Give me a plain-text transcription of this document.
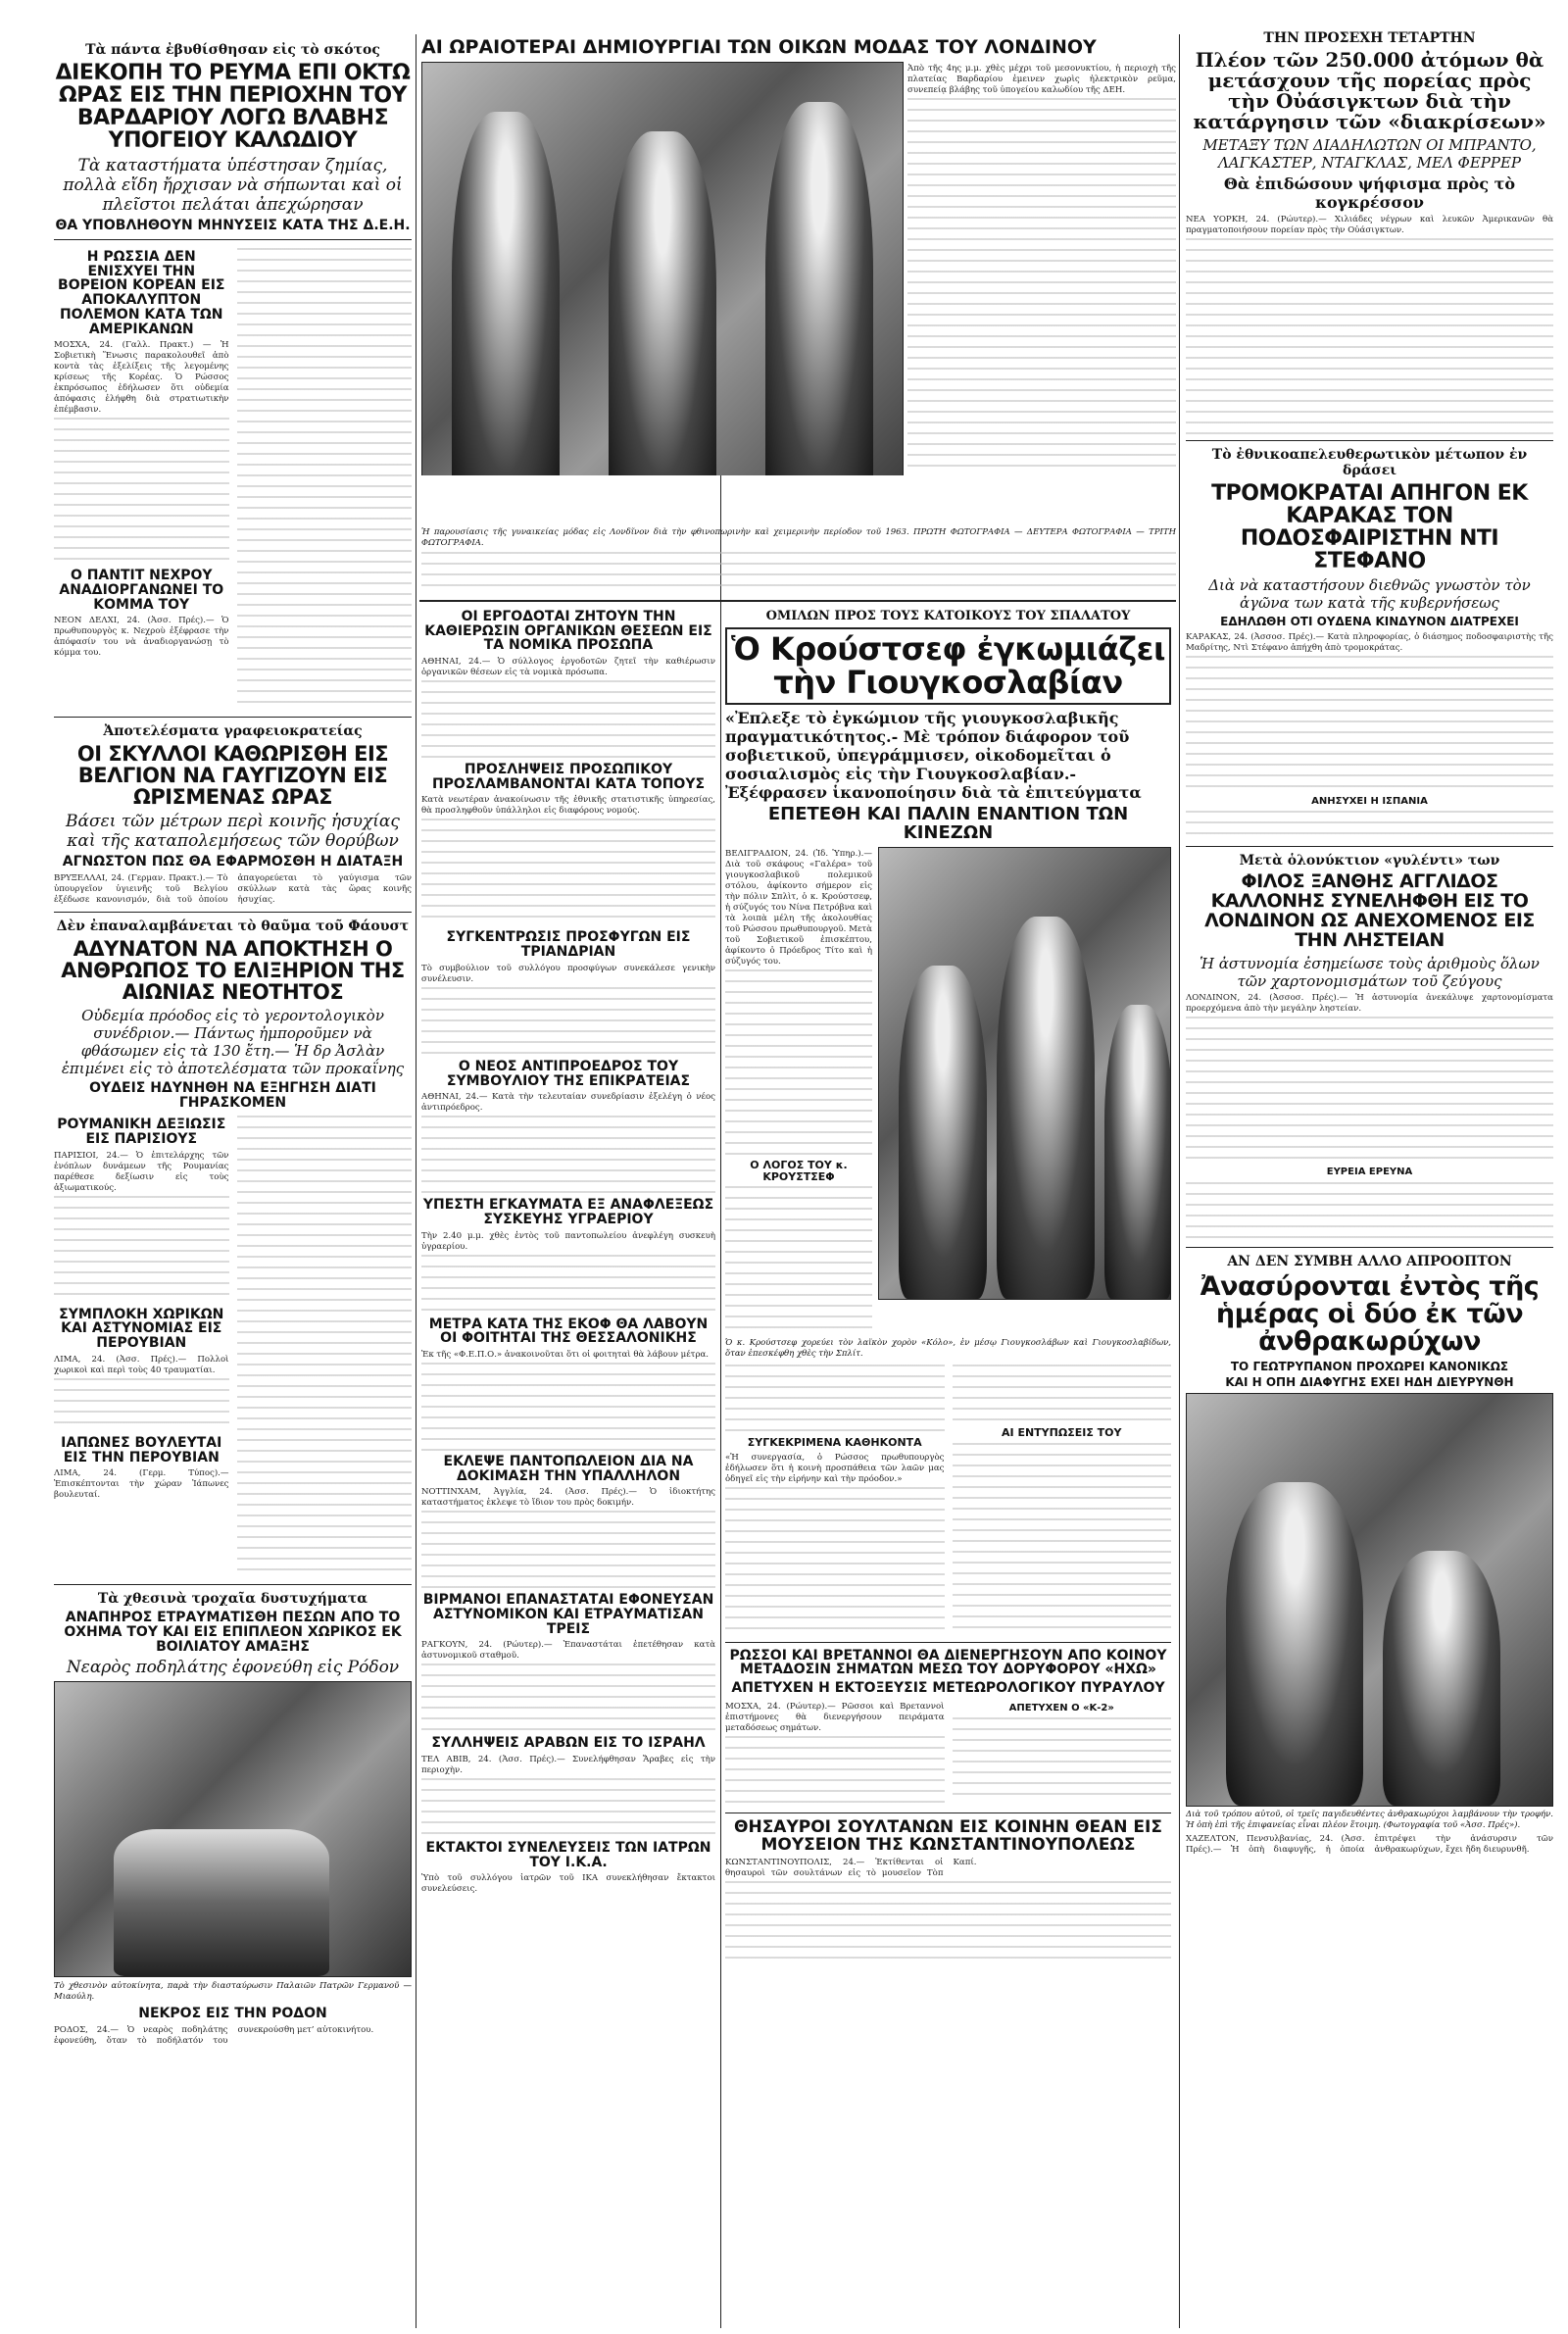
Τὰ πάντα ἐβυθίσθησαν εἰς τὸ σκότος
ΔΙΕΚΟΠΗ ΤΟ ΡΕΥΜΑ ΕΠΙ ΟΚΤΩ ΩΡΑΣ ΕΙΣ ΤΗΝ ΠΕΡΙΟΧΗΝ ΤΟΥ ΒΑΡΔΑΡΙΟΥ ΛΟΓΩ ΒΛΑΒΗΣ ΥΠΟΓΕΙΟΥ ΚΑΛΩΔΙΟΥ
Τὰ καταστήματα ὑπέστησαν ζημίας, πολλὰ εἴδη ἤρχισαν νὰ σήπωνται καὶ οἱ πλεῖστοι πελάται ἀπεχώρησαν
ΘΑ ΥΠΟΒΛΗΘΟΥΝ ΜΗΝΥΣΕΙΣ ΚΑΤΑ ΤΗΣ Δ.Ε.Η.
Η ΡΩΣΣΙΑ ΔΕΝ ΕΝΙΣΧΥΕΙ ΤΗΝ ΒΟΡΕΙΟΝ ΚΟΡΕΑΝ ΕΙΣ ΑΠΟΚΑΛΥΠΤΟΝ ΠΟΛΕΜΟΝ ΚΑΤΑ ΤΩΝ ΑΜΕΡΙΚΑΝΩΝ
ΜΟΣΧΑ, 24. (Γαλλ. Πρακτ.) — Ἡ Σοβιετικὴ Ἕνωσις παρακολουθεῖ ἀπὸ κοντὰ τὰς ἐξελίξεις τῆς λεγομένης κρίσεως τῆς Κορέας. Ὁ Ρώσσος ἐκπρόσωπος ἐδήλωσεν ὅτι οὐδεμία ἀπόφασις ἐλήφθη διὰ στρατιωτικὴν ἐπέμβασιν.
Ο ΠΑΝΤΙΤ ΝΕΧΡΟΥ ΑΝΑΔΙΟΡΓΑΝΩΝΕΙ ΤΟ ΚΟΜΜΑ ΤΟΥ
ΝΕΟΝ ΔΕΛΧΙ, 24. (Ἀσσ. Πρές).— Ὁ πρωθυπουργὸς κ. Νεχροὺ ἐξέφρασε τὴν ἀπόφασίν του νὰ ἀναδιοργανώσῃ τὸ κόμμα του.
Ἀποτελέσματα γραφειοκρατείας
ΟΙ ΣΚΥΛΛΟΙ ΚΑΘΩΡΙΣΘΗ ΕΙΣ ΒΕΛΓΙΟΝ ΝΑ ΓΑΥΓΙΖΟΥΝ ΕΙΣ ΩΡΙΣΜΕΝΑΣ ΩΡΑΣ
Βάσει τῶν μέτρων περὶ κοινῆς ἡσυχίας καὶ τῆς καταπολεμήσεως τῶν θορύβων
ΑΓΝΩΣΤΟΝ ΠΩΣ ΘΑ ΕΦΑΡΜΟΣΘΗ Η ΔΙΑΤΑΞΗ
ΒΡΥΞΕΛΛΑΙ, 24. (Γερμαν. Πρακτ.).— Τὸ ὑπουργεῖον ὑγιεινῆς τοῦ Βελγίου ἐξέδωσε κανονισμόν, διὰ τοῦ ὁποίου ἀπαγορεύεται τὸ γαύγισμα τῶν σκύλλων κατὰ τὰς ὥρας κοινῆς ἡσυχίας.
Δὲν ἐπαναλαμβάνεται τὸ θαῦμα τοῦ Φάουστ
ΑΔΥΝΑΤΟΝ ΝΑ ΑΠΟΚΤΗΣΗ Ο ΑΝΘΡΩΠΟΣ ΤΟ ΕΛΙΞΗΡΙΟΝ ΤΗΣ ΑΙΩΝΙΑΣ ΝΕΟΤΗΤΟΣ
Οὐδεμία πρόοδος εἰς τὸ γεροντολογικὸν συνέδριον.— Πάντως ἠμποροῦμεν νὰ φθάσωμεν εἰς τὰ 130 ἔτη.— Ἡ δρ Ἀσλὰν ἐπιμένει εἰς τὸ ἀποτελέσματα τῶν προκαΐνης
ΟΥΔΕΙΣ ΗΔΥΝΗΘΗ ΝΑ ΕΞΗΓΗΣΗ ΔΙΑΤΙ ΓΗΡΑΣΚΟΜΕΝ
ΡΟΥΜΑΝΙΚΗ ΔΕΞΙΩΣΙΣ ΕΙΣ ΠΑΡΙΣΙΟΥΣ
ΠΑΡΙΣΙΟΙ, 24.— Ὁ ἐπιτελάρχης τῶν ἐνόπλων δυνάμεων τῆς Ρουμανίας παρέθεσε δεξίωσιν εἰς τοὺς ἀξιωματικούς.
ΣΥΜΠΛΟΚΗ ΧΩΡΙΚΩΝ ΚΑΙ ΑΣΤΥΝΟΜΙΑΣ ΕΙΣ ΠΕΡΟΥΒΙΑΝ
ΛΙΜΑ, 24. (Ἀσσ. Πρές).— Πολλοὶ χωρικοὶ καὶ περὶ τοὺς 40 τραυματίαι.
ΙΑΠΩΝΕΣ ΒΟΥΛΕΥΤΑΙ ΕΙΣ ΤΗΝ ΠΕΡΟΥΒΙΑΝ
ΛΙΜΑ, 24. (Γερμ. Τύπος).— Ἐπισκέπτονται τὴν χώραν Ἰάπωνες βουλευταί.
Τὰ χθεσινὰ τροχαῖα δυστυχήματα
ΑΝΑΠΗΡΟΣ ΕΤΡΑΥΜΑΤΙΣΘΗ ΠΕΣΩΝ ΑΠΟ ΤΟ ΟΧΗΜΑ ΤΟΥ ΚΑΙ ΕΙΣ ΕΠΙΠΛΕΟΝ ΧΩΡΙΚΟΣ ΕΚ ΒΟΙΛΙΑΤΟΥ ΑΜΑΞΗΣ
Νεαρὸς ποδηλάτης ἐφονεύθη εἰς Ρόδον
Τὸ χθεσινὸν αὐτοκίνητα, παρὰ τὴν διασταύρωσιν Παλαιῶν Πατρῶν Γερμανοῦ — Μιαούλη.
ΝΕΚΡΟΣ ΕΙΣ ΤΗΝ ΡΟΔΟΝ
ΡΟΔΟΣ, 24.— Ὁ νεαρὸς ποδηλάτης ἐφονεύθη, ὅταν τὸ ποδήλατόν του συνεκρούσθη μετ’ αὐτοκινήτου.
ΑΙ ΩΡΑΙΟΤΕΡΑΙ ΔΗΜΙΟΥΡΓΙΑΙ ΤΩΝ ΟΙΚΩΝ ΜΟΔΑΣ ΤΟΥ ΛΟΝΔΙΝΟΥ
Ἀπὸ τῆς 4ης μ.μ. χθὲς μέχρι τοῦ μεσονυκτίου, ἡ περιοχὴ τῆς πλατείας Βαρδαρίου ἐμεινεν χωρὶς ἠλεκτρικὸν ρεῦμα, συνεπείᾳ βλάβης τοῦ ὑπογείου καλωδίου τῆς ΔΕΗ.
Ἡ παρουσίασις τῆς γυναικείας μόδας εἰς Λονδῖνον διὰ τὴν φθινοπωρινὴν καὶ χειμερινὴν περίοδον τοῦ 1963. ΠΡΩΤΗ ΦΩΤΟΓΡΑΦΙΑ — ΔΕΥΤΕΡΑ ΦΩΤΟΓΡΑΦΙΑ — ΤΡΙΤΗ ΦΩΤΟΓΡΑΦΙΑ.
ΟΙ ΕΡΓΟΔΟΤΑΙ ΖΗΤΟΥΝ ΤΗΝ ΚΑΘΙΕΡΩΣΙΝ ΟΡΓΑΝΙΚΩΝ ΘΕΣΕΩΝ ΕΙΣ ΤΑ ΝΟΜΙΚΑ ΠΡΟΣΩΠΑ
ΑΘΗΝΑΙ, 24.— Ὁ σύλλογος ἐργοδοτῶν ζητεῖ τὴν καθιέρωσιν ὀργανικῶν θέσεων εἰς τὰ νομικὰ πρόσωπα.
ΠΡΟΣΛΗΨΕΙΣ ΠΡΟΣΩΠΙΚΟΥ ΠΡΟΣΛΑΜΒΑΝΟΝΤΑΙ ΚΑΤΑ ΤΟΠΟΥΣ
Κατὰ νεωτέραν ἀνακοίνωσιν τῆς ἐθνικῆς στατιστικῆς ὑπηρεσίας, θὰ προσληφθοῦν ὑπάλληλοι εἰς διαφόρους νομούς.
ΣΥΓΚΕΝΤΡΩΣΙΣ ΠΡΟΣΦΥΓΩΝ ΕΙΣ ΤΡΙΑΝΔΡΙΑΝ
Τὸ συμβούλιον τοῦ συλλόγου προσφύγων συνεκάλεσε γενικὴν συνέλευσιν.
Ο ΝΕΟΣ ΑΝΤΙΠΡΟΕΔΡΟΣ ΤΟΥ ΣΥΜΒΟΥΛΙΟΥ ΤΗΣ ΕΠΙΚΡΑΤΕΙΑΣ
ΑΘΗΝΑΙ, 24.— Κατὰ τὴν τελευταίαν συνεδρίασιν ἐξελέγη ὁ νέος ἀντιπρόεδρος.
ΥΠΕΣΤΗ ΕΓΚΑΥΜΑΤΑ ΕΞ ΑΝΑΦΛΕΞΕΩΣ ΣΥΣΚΕΥΗΣ ΥΓΡΑΕΡΙΟΥ
Τὴν 2.40 μ.μ. χθὲς ἐντὸς τοῦ παντοπωλείου ἀνεφλέγη συσκευὴ ὑγραερίου.
ΜΕΤΡΑ ΚΑΤΑ ΤΗΣ ΕΚΟΦ ΘΑ ΛΑΒΟΥΝ ΟΙ ΦΟΙΤΗΤΑΙ ΤΗΣ ΘΕΣΣΑΛΟΝΙΚΗΣ
Ἐκ τῆς «Φ.Ε.Π.Ο.» ἀνακοινοῦται ὅτι οἱ φοιτηταὶ θὰ λάβουν μέτρα.
ΕΚΛΕΨΕ ΠΑΝΤΟΠΩΛΕΙΟΝ ΔΙΑ ΝΑ ΔΟΚΙΜΑΣΗ ΤΗΝ ΥΠΑΛΛΗΛΟΝ
ΝΟΤΤΙΝΧΑΜ, Ἀγγλία, 24. (Ἀσσ. Πρές).— Ὁ ἰδιοκτήτης καταστήματος ἐκλεψε τὸ ἴδιον του πρὸς δοκιμήν.
ΒΙΡΜΑΝΟΙ ΕΠΑΝΑΣΤΑΤΑΙ ΕΦΟΝΕΥΣΑΝ ΑΣΤΥΝΟΜΙΚΟΝ ΚΑΙ ΕΤΡΑΥΜΑΤΙΣΑΝ ΤΡΕΙΣ
ΡΑΓΚΟΥΝ, 24. (Ρώυτερ).— Ἐπαναστάται ἐπετέθησαν κατὰ ἀστυνομικοῦ σταθμοῦ.
ΣΥΛΛΗΨΕΙΣ ΑΡΑΒΩΝ ΕΙΣ ΤΟ ΙΣΡΑΗΛ
ΤΕΛ ΑΒΙΒ, 24. (Ἀσσ. Πρές).— Συνελήφθησαν Ἄραβες εἰς τὴν περιοχὴν.
ΕΚΤΑΚΤΟΙ ΣΥΝΕΛΕΥΣΕΙΣ ΤΩΝ ΙΑΤΡΩΝ ΤΟΥ Ι.Κ.Α.
Ὑπὸ τοῦ συλλόγου ἰατρῶν τοῦ ΙΚΑ συνεκλήθησαν ἔκτακτοι συνελεύσεις.
ΟΜΙΛΩΝ ΠΡΟΣ ΤΟΥΣ ΚΑΤΟΙΚΟΥΣ ΤΟΥ ΣΠΑΛΑΤΟΥ
Ὁ Κρούστσεφ ἐγκωμιάζει τὴν Γιουγκοσλαβίαν
«Ἐπλεξε τὸ ἐγκώμιον τῆς γιουγκοσλαβικῆς πραγματικότητος.- Μὲ τρόπον διάφορον τοῦ σοβιετικοῦ, ὑπεγράμμισεν, οἰκοδομεῖται ὁ σοσιαλισμὸς εἰς τὴν Γιουγκοσλαβίαν.- Ἐξέφρασεν ἱκανοποίησιν διὰ τὰ ἐπιτεύγματα
ΕΠΕΤΕΘΗ ΚΑΙ ΠΑΛΙΝ ΕΝΑΝΤΙΟΝ ΤΩΝ ΚΙΝΕΖΩΝ
ΒΕΛΙΓΡΑΔΙΟΝ, 24. (Ἰδ. Ὑπηρ.).— Διὰ τοῦ σκάφους «Γαλέρα» τοῦ γιουγκοσλαβικοῦ πολεμικοῦ στόλου, ἀφίκοντο σήμερον εἰς τὴν πόλιν Σπλὶτ, ὁ κ. Κρούστσεφ, ἡ σύζυγός του Νίνα Πετρόβνα καὶ τὰ λοιπὰ μέλη τῆς ἀκολουθίας τοῦ Ρώσσου πρωθυπουργοῦ. Μετὰ τοῦ Σοβιετικοῦ ἐπισκέπτου, ἀφίκοντο ὁ Πρόεδρος Τίτο καὶ ἡ σύζυγός του.
Ο ΛΟΓΟΣ ΤΟΥ κ. ΚΡΟΥΣΤΣΕΦ
Ὁ κ. Κρούστσεφ χορεύει τὸν λαϊκὸν χορὸν «Κόλο», ἐν μέσῳ Γιουγκοσλάβων καὶ Γιουγκοσλαβίδων, ὅταν ἐπεσκέφθη χθὲς τὴν Σπλίτ.
ΣΥΓΚΕΚΡΙΜΕΝΑ ΚΑΘΗΚΟΝΤΑ
«Ἡ συνεργασία, ὁ Ρώσσος πρωθυπουργὸς ἐδήλωσεν ὅτι ἡ κοινὴ προσπάθεια τῶν λαῶν μας ὁδηγεῖ εἰς τὴν εἰρήνην καὶ τὴν πρόοδον.»
ΑΙ ΕΝΤΥΠΩΣΕΙΣ ΤΟΥ
ΡΩΣΣΟΙ ΚΑΙ ΒΡΕΤΑΝΝΟΙ ΘΑ ΔΙΕΝΕΡΓΗΣΟΥΝ ΑΠΟ ΚΟΙΝΟΥ ΜΕΤΑΔΟΣΙΝ ΣΗΜΑΤΩΝ ΜΕΣΩ ΤΟΥ ΔΟΡΥΦΟΡΟΥ «ΗΧΩ»
ΑΠΕΤΥΧΕΝ Η ΕΚΤΟΞΕΥΣΙΣ ΜΕΤΕΩΡΟΛΟΓΙΚΟΥ ΠΥΡΑΥΛΟΥ
ΜΟΣΧΑ, 24. (Ρώυτερ).— Ρῶσσοι καὶ Βρεταννοὶ ἐπιστήμονες θὰ διενεργήσουν πειράματα μεταδόσεως σημάτων.
ΑΠΕΤΥΧΕΝ Ο «Κ-2»
ΘΗΣΑΥΡΟΙ ΣΟΥΛΤΑΝΩΝ ΕΙΣ ΚΟΙΝΗΝ ΘΕΑΝ ΕΙΣ ΜΟΥΣΕΙΟΝ ΤΗΣ ΚΩΝΣΤΑΝΤΙΝΟΥΠΟΛΕΩΣ
ΚΩΝΣΤΑΝΤΙΝΟΥΠΟΛΙΣ, 24.— Ἐκτίθενται οἱ θησαυροὶ τῶν σουλτάνων εἰς τὸ μουσεῖον Τὸπ Καπί.
ΤΗΝ ΠΡΟΣΕΧΗ ΤΕΤΑΡΤΗΝ
Πλέον τῶν 250.000 ἀτόμων θὰ μετάσχουν τῆς πορείας πρὸς τὴν Οὐάσιγκτων διὰ τὴν κατάργησιν τῶν «διακρίσεων»
ΜΕΤΑΞΥ ΤΩΝ ΔΙΑΔΗΛΩΤΩΝ ΟΙ ΜΠΡΑΝΤΟ, ΛΑΓΚΑΣΤΕΡ, ΝΤΑΓΚΛΑΣ, ΜΕΛ ΦΕΡΡΕΡ
Θὰ ἐπιδώσουν ψήφισμα πρὸς τὸ κογκρέσσον
ΝΕΑ ΥΟΡΚΗ, 24. (Ρώυτερ).— Χιλιάδες νέγρων καὶ λευκῶν Ἀμερικανῶν θὰ πραγματοποιήσουν πορείαν πρὸς τὴν Οὐάσιγκτων.
Τὸ ἐθνικοαπελευθερωτικὸν μέτωπον ἐν δράσει
ΤΡΟΜΟΚΡΑΤΑΙ ΑΠΗΓΟΝ ΕΚ ΚΑΡΑΚΑΣ ΤΟΝ ΠΟΔΟΣΦΑΙΡΙΣΤΗΝ ΝΤΙ ΣΤΕΦΑΝΟ
Διὰ νὰ καταστήσουν διεθνῶς γνωστὸν τὸν ἀγῶνα των κατὰ τῆς κυβερνήσεως
ΕΔΗΛΩΘΗ ΟΤΙ ΟΥΔΕΝΑ ΚΙΝΔΥΝΟΝ ΔΙΑΤΡΕΧΕΙ
ΚΑΡΑΚΑΣ, 24. (Ἀσσοσ. Πρές).— Κατὰ πληροφορίας, ὁ διάσημος ποδοσφαιριστὴς τῆς Μαδρίτης, Ντὶ Στέφανο ἀπήχθη ἀπὸ τρομοκράτας.
ΑΝΗΣΥΧΕΙ Η ΙΣΠΑΝΙΑ
Μετὰ ὁλονύκτιον «γυλέντι» των
ΦΙΛΟΣ ΞΑΝΘΗΣ ΑΓΓΛΙΔΟΣ ΚΑΛΛΟΝΗΣ ΣΥΝΕΛΗΦΘΗ ΕΙΣ ΤΟ ΛΟΝΔΙΝΟΝ ΩΣ ΑΝΕΧΟΜΕΝΟΣ ΕΙΣ ΤΗΝ ΛΗΣΤΕΙΑΝ
Ἡ ἀστυνομία ἐσημείωσε τοὺς ἀριθμοὺς ὅλων τῶν χαρτονομισμάτων τοῦ ζεύγους
ΛΟΝΔΙΝΟΝ, 24. (Ἀσσοσ. Πρές).— Ἡ ἀστυνομία ἀνεκάλυψε χαρτονομίσματα προερχόμενα ἀπὸ τὴν μεγάλην ληστείαν.
ΕΥΡΕΙΑ ΕΡΕΥΝΑ
ΑΝ ΔΕΝ ΣΥΜΒΗ ΑΛΛΟ ΑΠΡΟΟΠΤΟΝ
Ἀνασύρονται ἐντὸς τῆς ἡμέρας οἱ δύο ἐκ τῶν ἀνθρακωρύχων
ΤΟ ΓΕΩΤΡΥΠΑΝΟΝ ΠΡΟΧΩΡΕΙ ΚΑΝΟΝΙΚΩΣ
ΚΑΙ Η ΟΠΗ ΔΙΑΦΥΓΗΣ ΕΧΕΙ ΗΔΗ ΔΙΕΥΡΥΝΘΗ
Διὰ τοῦ τρόπου αὐτοῦ, οἱ τρεῖς παγιδευθέντες ἀνθρακωρύχοι λαμβάνουν τὴν τροφήν. Ἡ ὀπὴ ἐπὶ τῆς ἐπιφανείας εἶναι πλέον ἕτοιμη. (Φωτογραφία τοῦ «Ἀσσ. Πρές»).
ΧΑΖΕΛΤΟΝ, Πενσυλβανίας, 24. (Ἀσσ. Πρές).— Ἡ ὀπὴ διαφυγῆς, ἡ ὁποία ἐπιτρέψει τὴν ἀνάσυρσιν τῶν ἀνθρακωρύχων, ἔχει ἤδη διευρυνθῆ.
